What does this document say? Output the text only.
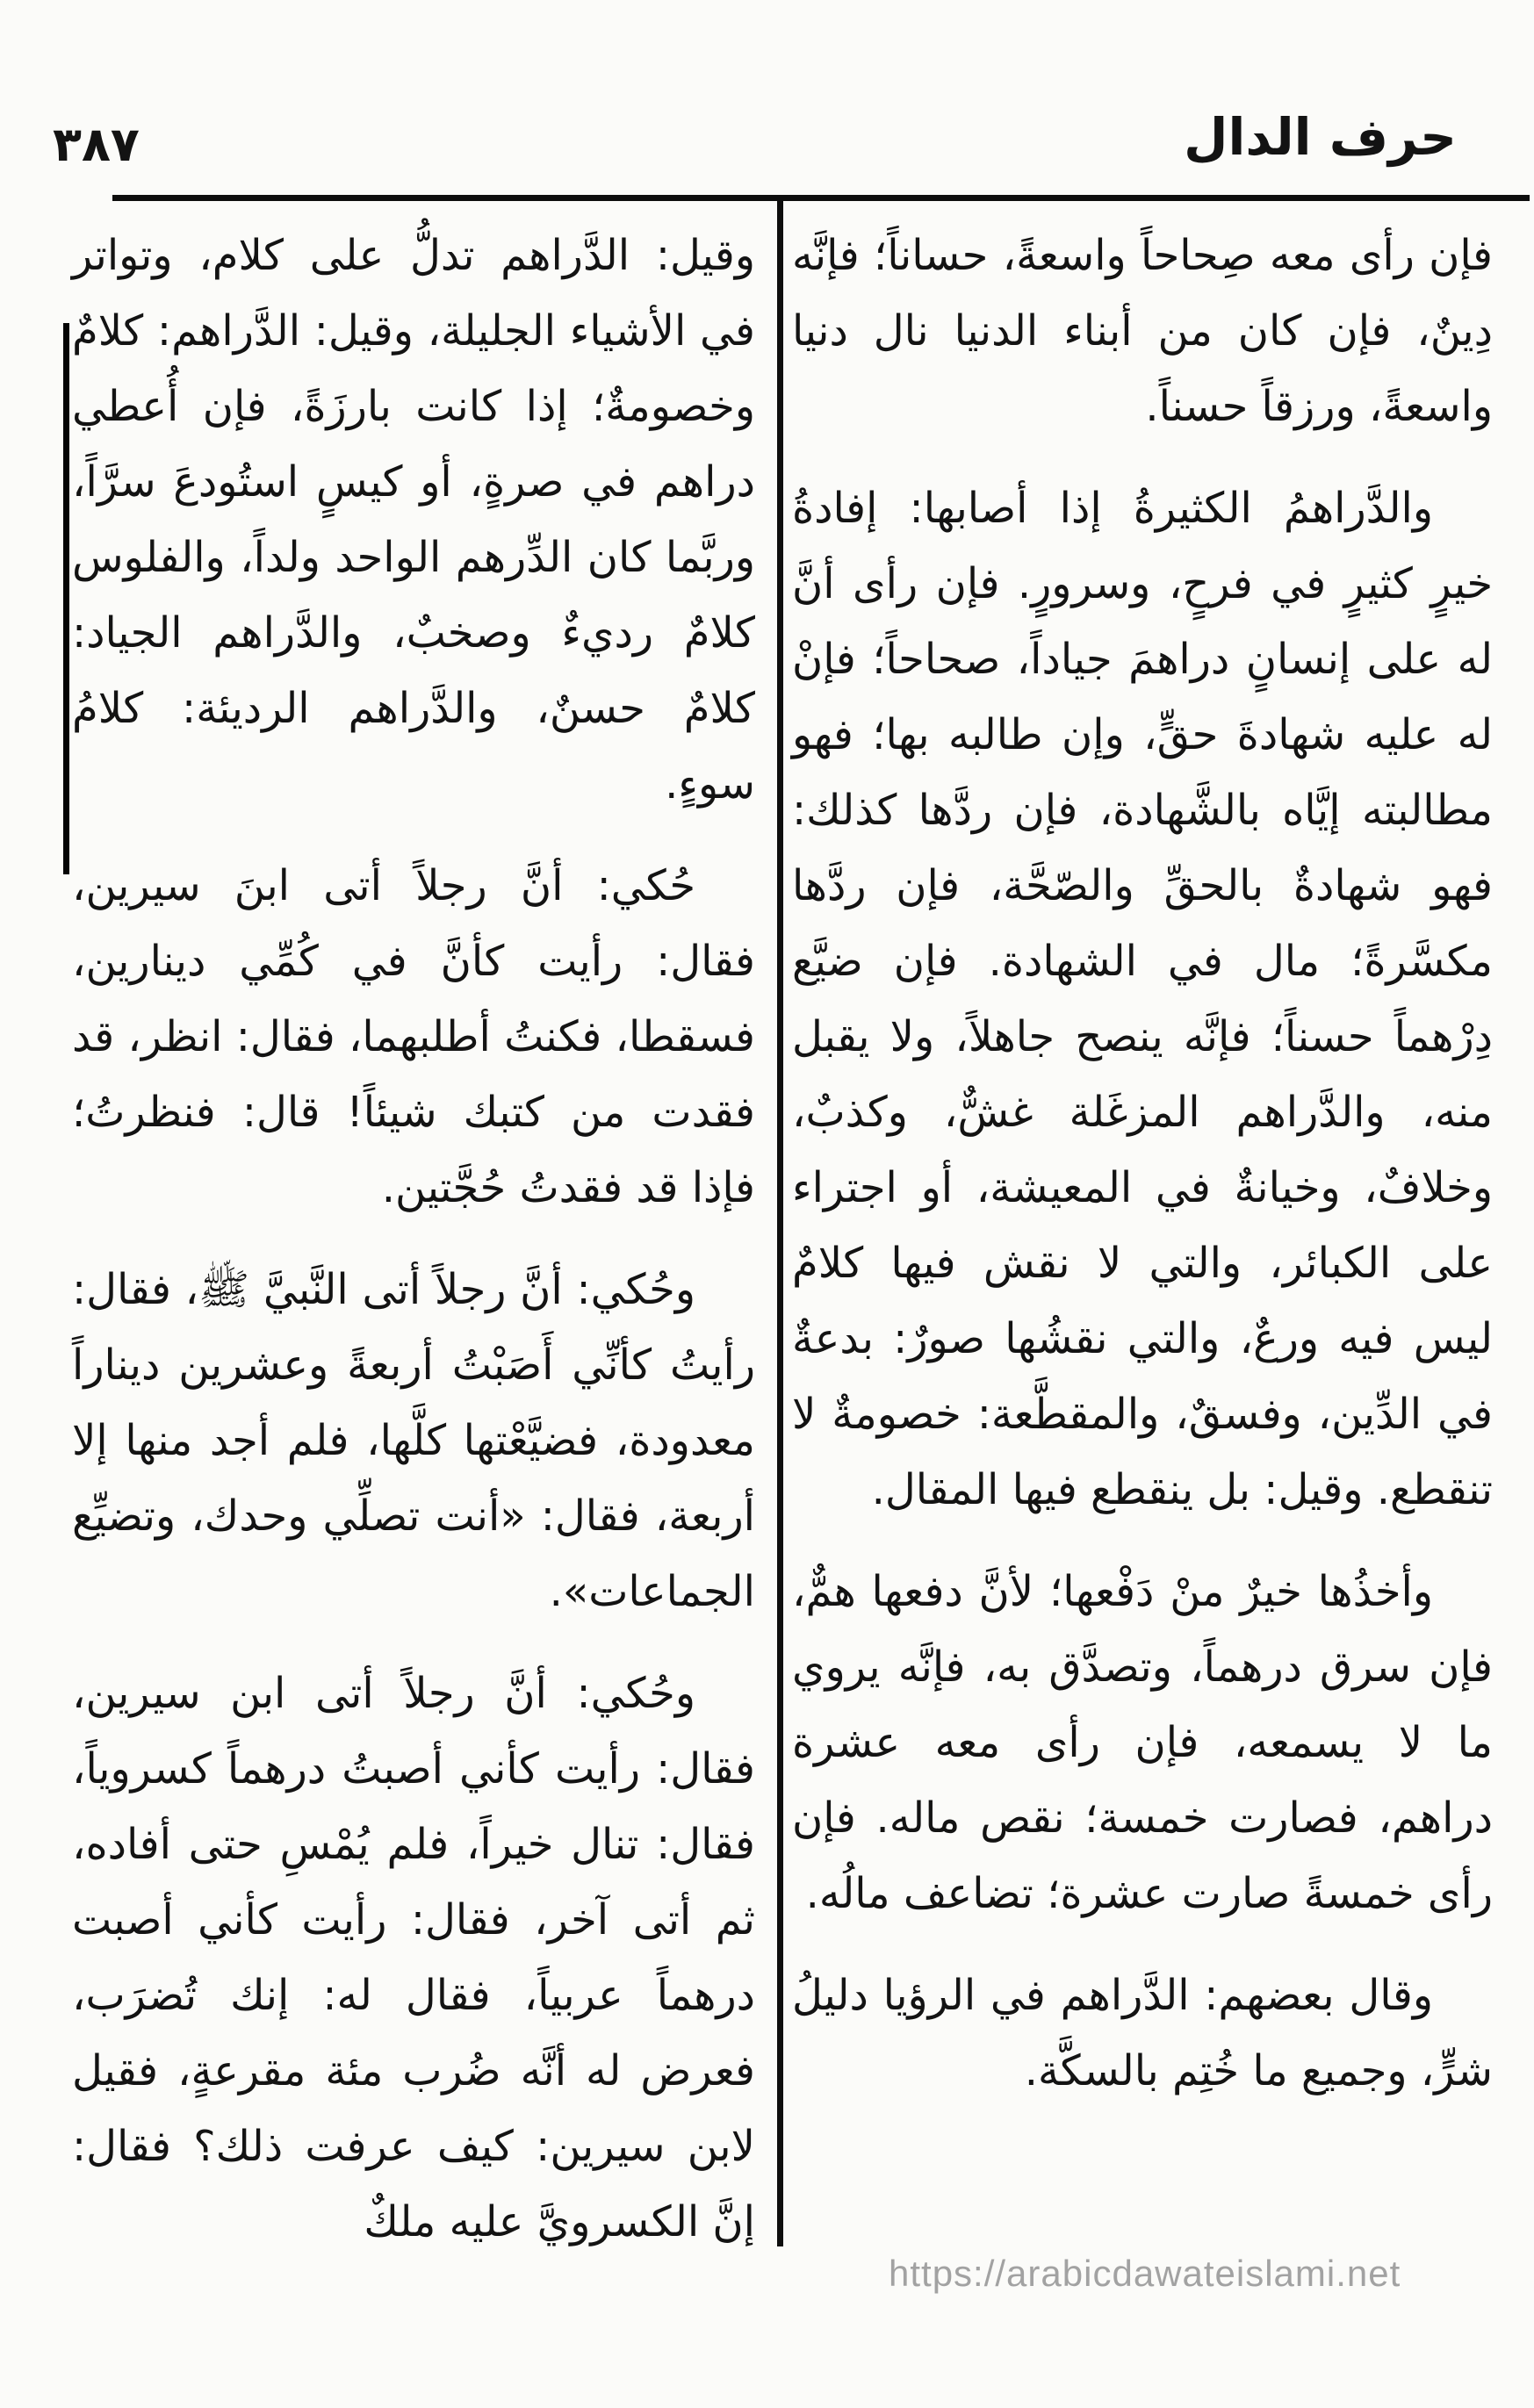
٣٨٧	حرف الدال

فإن رأى معه صِحاحاً واسعةً، حساناً؛ فإنَّه دِينٌ، فإن كان من أبناء الدنيا نال دنيا واسعةً، ورزقاً حسناً.

والدَّراهمُ الكثيرةُ إذا أصابها: إفادةُ خيرٍ كثيرٍ في فرحٍ، وسرورٍ. فإن رأى أنَّ له على إنسانٍ دراهمَ جياداً، صحاحاً؛ فإنْ له عليه شهادةَ حقٍّ، وإن طالبه بها؛ فهو مطالبته إيَّاه بالشَّهادة، فإن ردَّها كذلك: فهو شهادةٌ بالحقِّ والصّحَّة، فإن ردَّها مكسَّرةً؛ مال في الشهادة. فإن ضيَّع دِرْهماً حسناً؛ فإنَّه ينصح جاهلاً، ولا يقبل منه، والدَّراهم المزغَلة غشٌّ، وكذبٌ، وخلافٌ، وخيانةٌ في المعيشة، أو اجتراء على الكبائر، والتي لا نقش فيها كلامٌ ليس فيه ورعٌ، والتي نقشُها صورٌ: بدعةٌ في الدِّين، وفسقٌ، والمقطَّعة: خصومةٌ لا تنقطع. وقيل: بل ينقطع فيها المقال.

وأخذُها خيرٌ منْ دَفْعها؛ لأنَّ دفعها همٌّ، فإن سرق درهماً، وتصدَّق به، فإنَّه يروي ما لا يسمعه، فإن رأى معه عشرة دراهم، فصارت خمسة؛ نقص ماله. فإن رأى خمسةً صارت عشرة؛ تضاعف مالُه.

وقال بعضهم: الدَّراهم في الرؤيا دليلُ شرٍّ، وجميع ما خُتِم بالسكَّة.

وقيل: الدَّراهم تدلُّ على كلام، وتواتر في الأشياء الجليلة، وقيل: الدَّراهم: كلامٌ وخصومةٌ؛ إذا كانت بارزَةً، فإن أُعطي دراهم في صرةٍ، أو كيسٍ استُودعَ سرَّاً، وربَّما كان الدِّرهم الواحد ولداً، والفلوس كلامٌ رديءٌ وصخبٌ، والدَّراهم الجياد: كلامٌ حسنٌ، والدَّراهم الرديئة: كلامُ سوءٍ.

حُكي: أنَّ رجلاً أتى ابنَ سيرين، فقال: رأيت كأنَّ في كُمِّي دينارين، فسقطا، فكنتُ أطلبهما، فقال: انظر، قد فقدت من كتبك شيئاً! قال: فنظرتُ؛ فإذا قد فقدتُ حُجَّتين.

وحُكي: أنَّ رجلاً أتى النَّبيَّ ﷺ، فقال: رأيتُ كأنِّي أَصَبْتُ أربعةً وعشرين ديناراً معدودة، فضيَّعْتها كلَّها، فلم أجد منها إلا أربعة، فقال: «أنت تصلِّي وحدك، وتضيِّع الجماعات».

وحُكي: أنَّ رجلاً أتى ابن سيرين، فقال: رأيت كأني أصبتُ درهماً كسروياً، فقال: تنال خيراً، فلم يُمْسِ حتى أفاده، ثم أتى آخر، فقال: رأيت كأني أصبت درهماً عربياً، فقال له: إنك تُضرَب، فعرض له أنَّه ضُرب مئة مقرعةٍ، فقيل لابن سيرين: كيف عرفت ذلك؟ فقال: إنَّ الكسرويَّ عليه ملكٌ

https://arabicdawateislami.net
